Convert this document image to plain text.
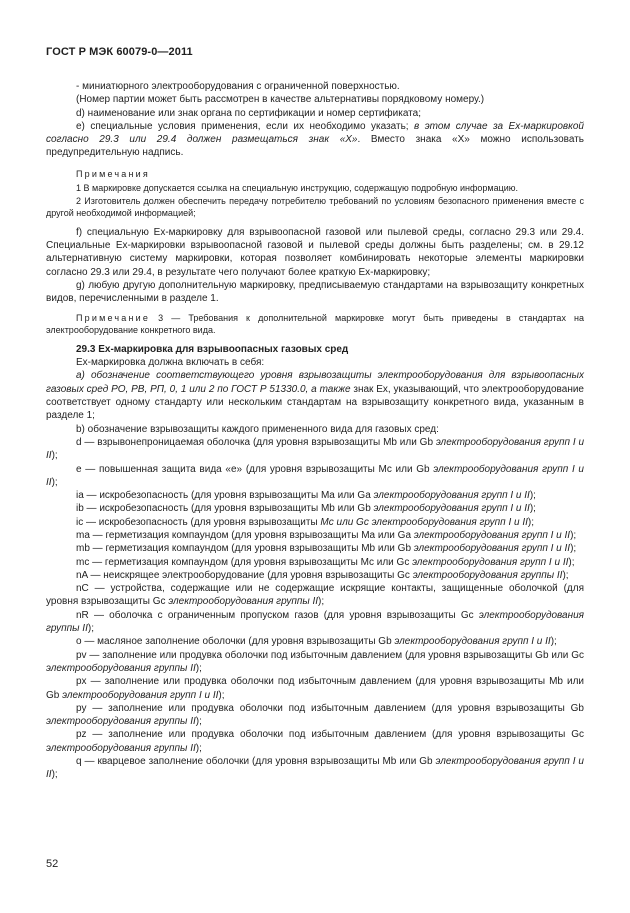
ГОСТ Р МЭК 60079-0—2011

- миниатюрного электрооборудования с ограниченной поверхностью.

(Номер партии может быть рассмотрен в качестве альтернативы порядковому номеру.)

d) наименование или знак органа по сертификации и номер сертификата;

e) специальные условия применения, если их необходимо указать; в этом случае за Ex-маркировкой согласно 29.3 или 29.4 должен размещаться знак «X». Вместо знака «X» можно использовать предупредительную надпись.

Примечания

1 В маркировке допускается ссылка на специальную инструкцию, содержащую подробную информацию.

2 Изготовитель должен обеспечить передачу потребителю требований по условиям безопасного применения вместе с другой необходимой информацией;

f) специальную Ex-маркировку для взрывоопасной газовой или пылевой среды, согласно 29.3 или 29.4. Специальные Ex-маркировки взрывоопасной газовой и пылевой среды должны быть разделены; см. в 29.12 альтернативную систему маркировки, которая позволяет комбинировать некоторые элементы маркировки согласно 29.3 или 29.4, в результате чего получают более краткую Ex-маркировку;

g) любую другую дополнительную маркировку, предписываемую стандартами на взрывозащиту конкретных видов, перечисленными в разделе 1.

Примечание 3 — Требования к дополнительной маркировке могут быть приведены в стандартах на электрооборудование конкретного вида.

29.3 Ex-маркировка для взрывоопасных газовых сред

Ex-маркировка должна включать в себя:

a) обозначение соответствующего уровня взрывозащиты электрооборудования для взрывоопасных газовых сред РО, РВ, РП, 0, 1 или 2 по ГОСТ Р 51330.0, а также знак Ex, указывающий, что электрооборудование соответствует одному стандарту или нескольким стандартам на взрывозащиту конкретного вида, указанным в разделе 1;

b) обозначение взрывозащиты каждого примененного вида для газовых сред:

d — взрывонепроницаемая оболочка (для уровня взрывозащиты Mb или Gb электрооборудования групп I и II);

e — повышенная защита вида «e» (для уровня взрывозащиты Mc или Gb электрооборудования групп I и II);

ia — искробезопасность (для уровня взрывозащиты Ma или Ga электрооборудования групп I и II);

ib — искробезопасность (для уровня взрывозащиты Mb или Gb электрооборудования групп I и II);

ic — искробезопасность (для уровня взрывозащиты Mc или Gc электрооборудования групп I и II);

ma — герметизация компаундом (для уровня взрывозащиты Ma или Ga электрооборудования групп I и II);

mb — герметизация компаундом (для уровня взрывозащиты Mb или Gb электрооборудования групп I и II);

mc — герметизация компаундом (для уровня взрывозащиты Mc или Gc электрооборудования групп I и II);

nA — неискрящее электрооборудование (для уровня взрывозащиты Gc электрооборудования группы II);

nC — устройства, содержащие или не содержащие искрящие контакты, защищенные оболочкой (для уровня взрывозащиты Gc электрооборудования группы II);

nR — оболочка с ограниченным пропуском газов (для уровня взрывозащиты Gc электрооборудования группы II);

o — масляное заполнение оболочки (для уровня взрывозащиты Gb электрооборудования групп I и II);

pv — заполнение или продувка оболочки под избыточным давлением (для уровня взрывозащиты Gb или Gc электрооборудования группы II);

px — заполнение или продувка оболочки под избыточным давлением (для уровня взрывозащиты Mb или Gb электрооборудования групп I и II);

py — заполнение или продувка оболочки под избыточным давлением (для уровня взрывозащиты Gb электрооборудования группы II);

pz — заполнение или продувка оболочки под избыточным давлением (для уровня взрывозащиты Gc электрооборудования группы II);

q — кварцевое заполнение оболочки (для уровня взрывозащиты Mb или Gb электрооборудования групп I и II);

52
